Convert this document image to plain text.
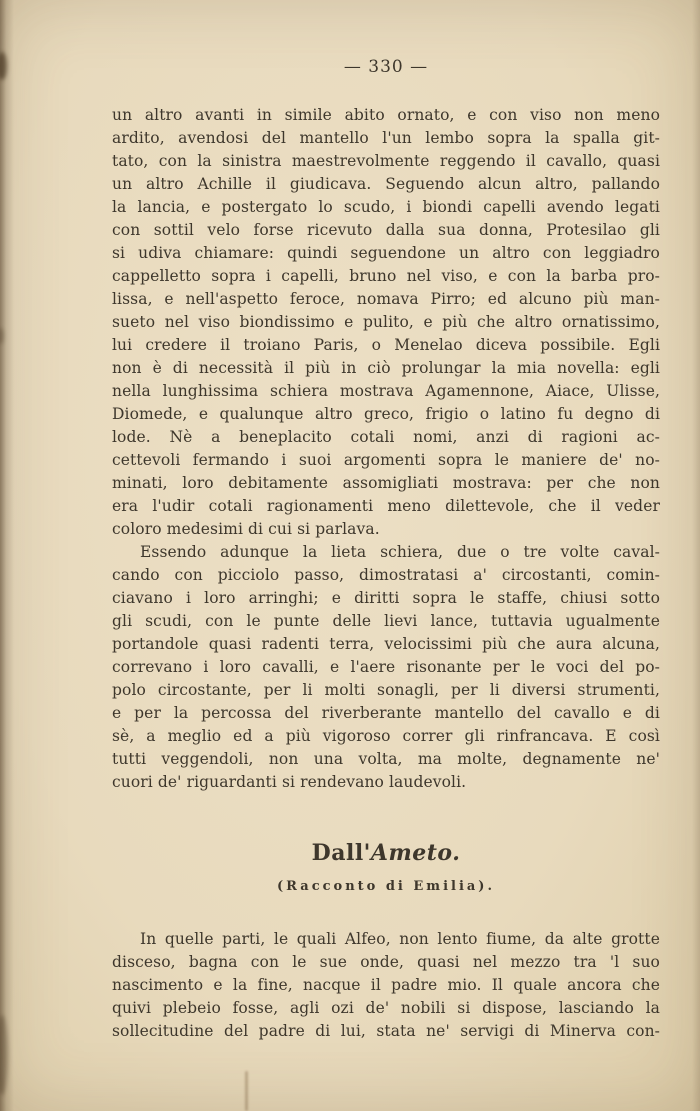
— 330 —
un altro avanti in simile abito ornato, e con viso non meno
ardito, avendosi del mantello l'un lembo sopra la spalla git-
tato, con la sinistra maestrevolmente reggendo il cavallo, quasi
un altro Achille il giudicava. Seguendo alcun altro, pallando
la lancia, e postergato lo scudo, i biondi capelli avendo legati
con sottil velo forse ricevuto dalla sua donna, Protesilao gli
si udiva chiamare: quindi seguendone un altro con leggiadro
cappelletto sopra i capelli, bruno nel viso, e con la barba pro-
lissa, e nell'aspetto feroce, nomava Pirro; ed alcuno più man-
sueto nel viso biondissimo e pulito, e più che altro ornatissimo,
lui credere il troiano Paris, o Menelao diceva possibile. Egli
non è di necessità il più in ciò prolungar la mia novella: egli
nella lunghissima schiera mostrava Agamennone, Aiace, Ulisse,
Diomede, e qualunque altro greco, frigio o latino fu degno di
lode. Nè a beneplacito cotali nomi, anzi di ragioni ac-
cettevoli fermando i suoi argomenti sopra le maniere de' no-
minati, loro debitamente assomigliati mostrava: per che non
era l'udir cotali ragionamenti meno dilettevole, che il veder
coloro medesimi di cui si parlava.
Essendo adunque la lieta schiera, due o tre volte caval-
cando con picciolo passo, dimostratasi a' circostanti, comin-
ciavano i loro arringhi; e diritti sopra le staffe, chiusi sotto
gli scudi, con le punte delle lievi lance, tuttavia ugualmente
portandole quasi radenti terra, velocissimi più che aura alcuna,
correvano i loro cavalli, e l'aere risonante per le voci del po-
polo circostante, per li molti sonagli, per li diversi strumenti,
e per la percossa del riverberante mantello del cavallo e di
sè, a meglio ed a più vigoroso correr gli rinfrancava. E così
tutti veggendoli, non una volta, ma molte, degnamente ne'
cuori de' riguardanti si rendevano laudevoli.
Dall'Ameto.
(Racconto di Emilia).
In quelle parti, le quali Alfeo, non lento fiume, da alte grotte
disceso, bagna con le sue onde, quasi nel mezzo tra 'l suo
nascimento e la fine, nacque il padre mio. Il quale ancora che
quivi plebeio fosse, agli ozi de' nobili si dispose, lasciando la
sollecitudine del padre di lui, stata ne' servigi di Minerva con-
